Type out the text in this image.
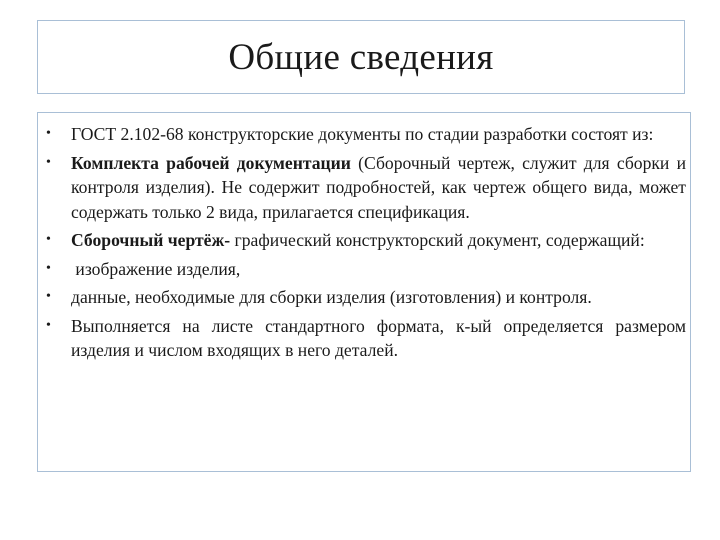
Общие сведения
• ГОСТ 2.102-68 конструкторские документы по стадии разработки состоят из:
• Комплекта рабочей документации (Сборочный чертеж, служит для сборки и контроля изделия). Не содержит подробностей, как чертеж общего вида, может содержать только 2 вида, прилагается спецификация.
• Сборочный чертёж- графический конструкторский документ, содержащий:
• изображение изделия,
• данные, необходимые для сборки изделия (изготовления) и контроля.
• Выполняется на листе стандартного формата, к-ый определяется размером изделия и числом входящих в него деталей.
